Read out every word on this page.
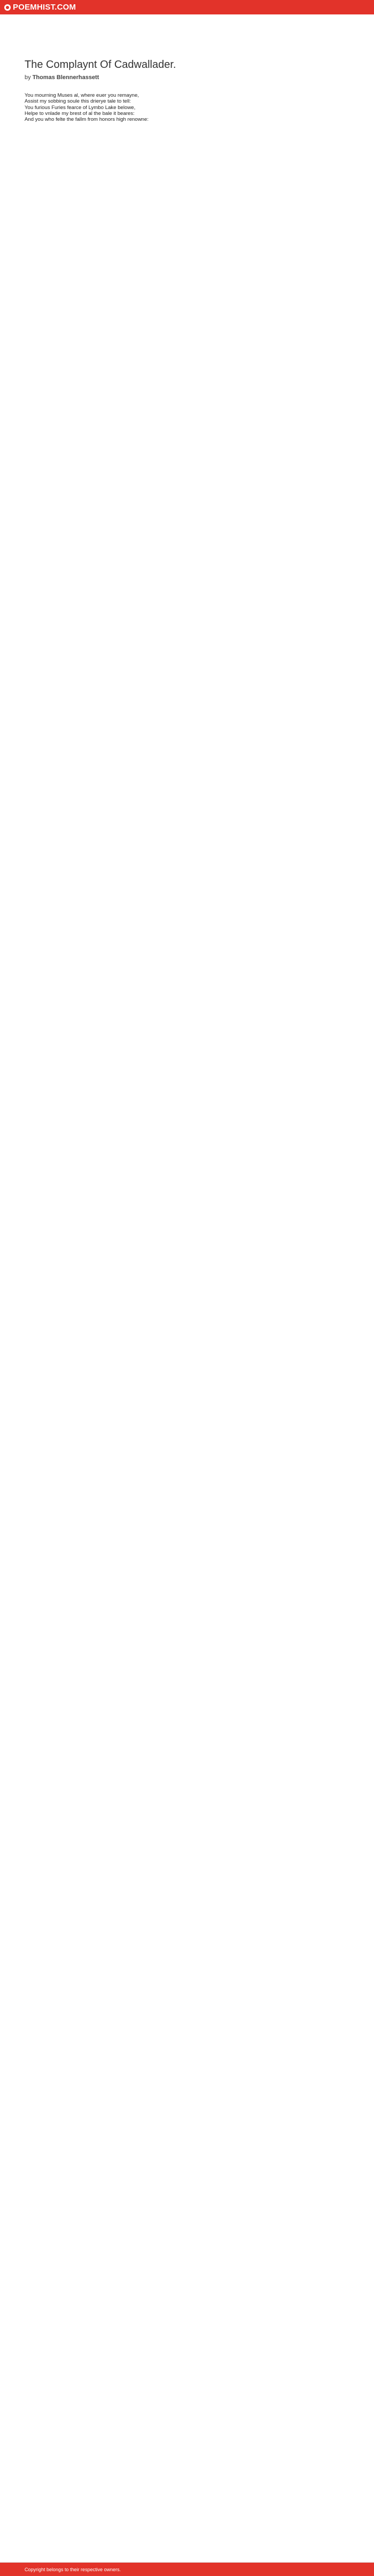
POEMHIST.COM
The Complaynt Of Cadwallader.
by Thomas Blennerhassett
You mourning Muses al, where euer you remayne,
Assist my sobbing soule this drierye tale to tell:
You furious Furies fearce of Lymbo Lake belowe,
Helpe to vnlade my brest of al the bale it beares:
And you who felte the fallm from honors high renowne:
Copyright belongs to their respective owners.
